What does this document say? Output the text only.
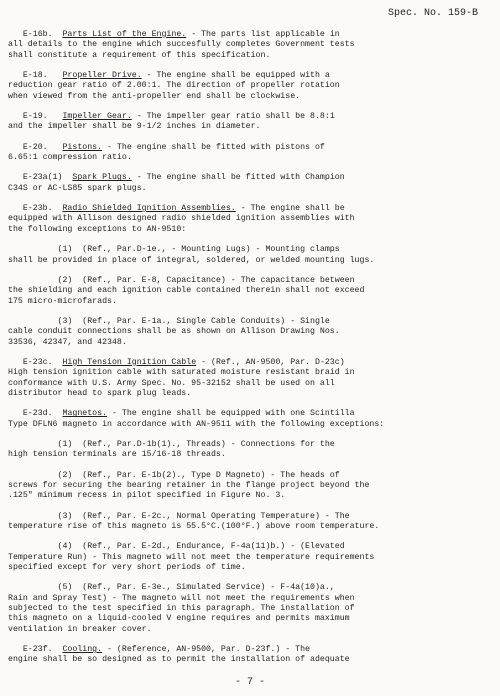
Spec. No. 159-B
E-16b.  Parts List of the Engine. - The parts list applicable in
all details to the engine which succesfully completes Government tests
shall constitute a requirement of this specification.
E-18.   Propeller Drive. - The engine shall be equipped with a
reduction gear ratio of 2.00:1. The direction of propeller rotation
when viewed from the anti-propeller end shall be clockwise.
E-19.   Impeller Gear. - The impeller gear ratio shall be 8.8:1
and the impeller shall be 9-1/2 inches in diameter.
E-20.   Pistons. - The engine shall be fitted with pistons of
6.65:1 compression ratio.
E-23a(1)  Spark Plugs. - The engine shall be fitted with Champion
C34S or AC-LS85 spark plugs.
E-23b.  Radio Shielded Ignition Assemblies. - The engine shall be
equipped with Allison designed radio shielded ignition assemblies with
the following exceptions to AN-9510:
(1)  (Ref., Par.D-1e., - Mounting Lugs) - Mounting clamps
shall be provided in place of integral, soldered, or welded mounting lugs.
(2)  (Ref., Par. E-8, Capacitance) - The capacitance between
the shielding and each ignition cable contained therein shall not exceed
175 micro-microfarads.
(3)  (Ref., Par. E-1a., Single Cable Conduits) - Single
cable conduit connections shall be as shown on Allison Drawing Nos.
33536, 42347, and 42348.
E-23c.  High Tension Ignition Cable - (Ref., AN-9500, Par. D-23c)
High tension ignition cable with saturated moisture resistant braid in
conformance with U.S. Army Spec. No. 95-32152 shall be used on all
distributor head to spark plug leads.
E-23d.  Magnetos. - The engine shall be equipped with one Scintilla
Type DFLN6 magneto in accordance with AN-9511 with the following exceptions:
(1)  (Ref., Par.D-1b(1)., Threads) - Connections for the
high tension terminals are 15/16-18 threads.
(2)  (Ref., Par. E-1b(2)., Type D Magneto) - The heads of
screws for securing the bearing retainer in the flange project beyond the
.125" minimum recess in pilot specified in Figure No. 3.
(3)  (Ref., Par. E-2c., Normal Operating Temperature) - The
temperature rise of this magneto is 55.5°C.(100°F.) above room temperature.
(4)  (Ref., Par. E-2d., Endurance, F-4a(11)b.) - (Elevated
Temperature Run) - This magneto will not meet the temperature requirements
specified except for very short periods of time.
(5)  (Ref., Par. E-3e., Simulated Service) - F-4a(10)a.,
Rain and Spray Test) - The magneto will not meet the requirements when
subjected to the test specified in this paragraph. The installation of
this magneto on a liquid-cooled V engine requires and permits maximum
ventilation in breaker cover.
E-23f.  Cooling. - (Reference, AN-9500, Par. D-23f.) - The
engine shall be so designed as to permit the installation of adequate
- 7 -
